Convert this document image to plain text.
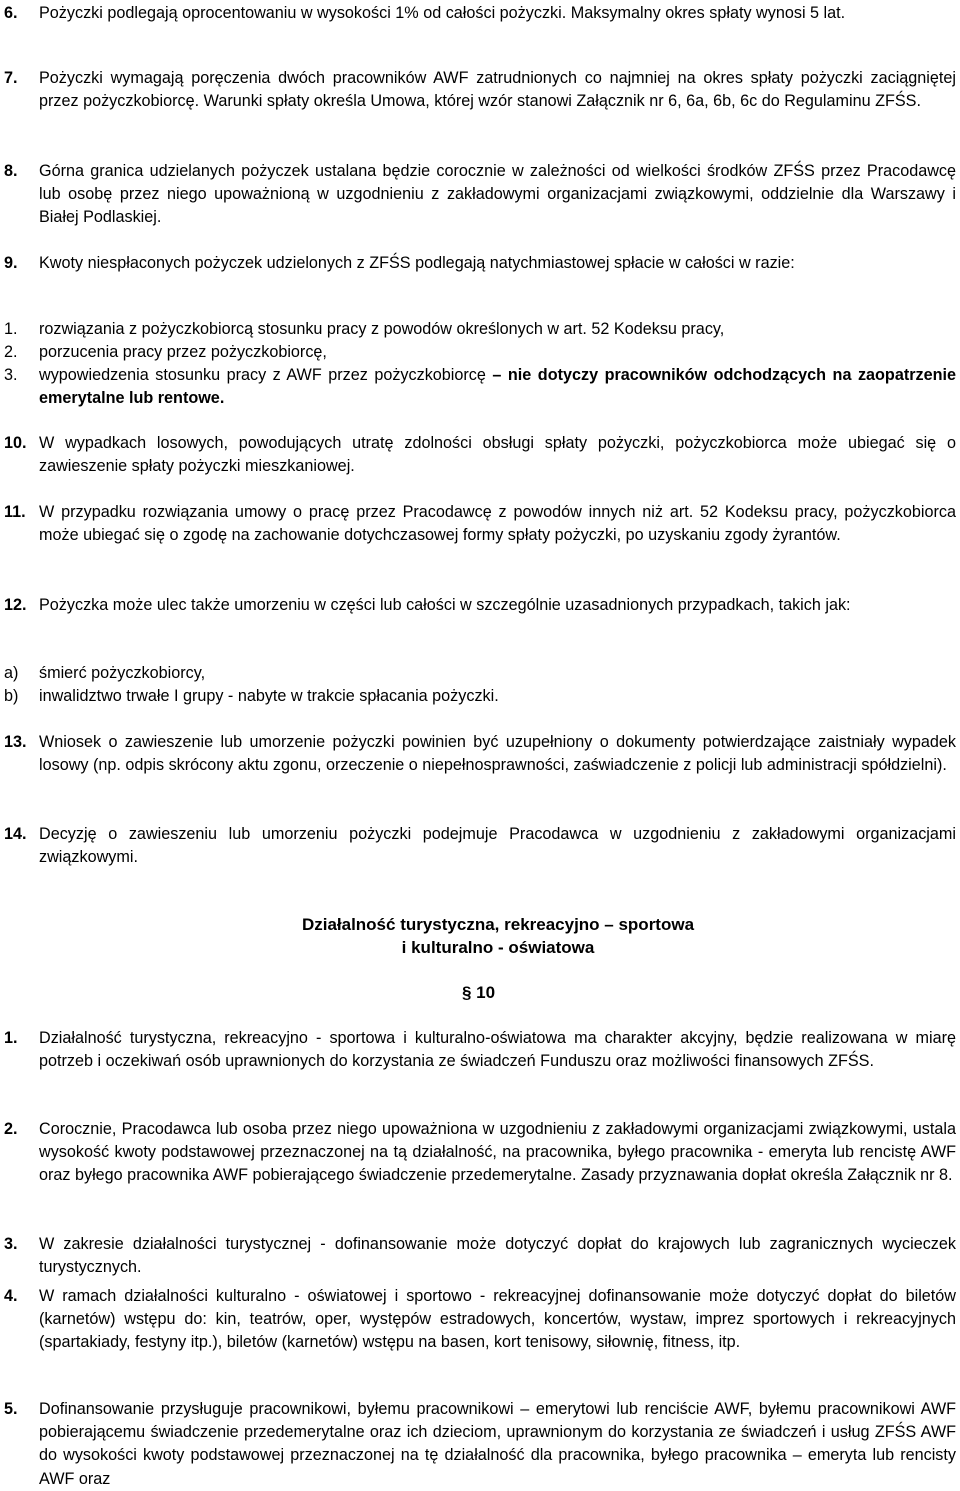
6. Pożyczki podlegają oprocentowaniu w wysokości 1% od całości pożyczki. Maksymalny okres spłaty wynosi 5 lat.
7. Pożyczki wymagają poręczenia dwóch pracowników AWF zatrudnionych co najmniej na okres spłaty pożyczki zaciągniętej przez pożyczkobiorcę. Warunki spłaty określa Umowa, której wzór stanowi Załącznik nr 6, 6a, 6b, 6c do Regulaminu ZFŚS.
8. Górna granica udzielanych pożyczek ustalana będzie corocznie w zależności od wielkości środków ZFŚS przez Pracodawcę lub osobę przez niego upoważnioną w uzgodnieniu z zakładowymi organizacjami związkowymi, oddzielnie dla Warszawy i Białej Podlaskiej.
9. Kwoty niespłaconych pożyczek udzielonych z ZFŚS podlegają natychmiastowej spłacie w całości w razie:
1. rozwiązania z pożyczkobiorcą stosunku pracy z powodów określonych w art. 52 Kodeksu pracy,
2. porzucenia pracy przez pożyczkobiorcę,
3. wypowiedzenia stosunku pracy z AWF przez pożyczkobiorcę – nie dotyczy pracowników odchodzących na zaopatrzenie emerytalne lub rentowe.
10. W wypadkach losowych, powodujących utratę zdolności obsługi spłaty pożyczki, pożyczkobiorca może ubiegać się o zawieszenie spłaty pożyczki mieszkaniowej.
11. W przypadku rozwiązania umowy o pracę przez Pracodawcę z powodów innych niż art. 52 Kodeksu pracy, pożyczkobiorca może ubiegać się o zgodę na zachowanie dotychczasowej formy spłaty pożyczki, po uzyskaniu zgody żyrantów.
12. Pożyczka może ulec także umorzeniu w części lub całości w szczególnie uzasadnionych przypadkach, takich jak:
a) śmierć pożyczkobiorcy,
b) inwalidztwo trwałe I grupy - nabyte w trakcie spłacania pożyczki.
13. Wniosek o zawieszenie lub umorzenie pożyczki powinien być uzupełniony o dokumenty potwierdzające zaistniały wypadek losowy (np. odpis skrócony aktu zgonu, orzeczenie o niepełnosprawności, zaświadczenie z policji lub administracji spółdzielni).
14. Decyzję o zawieszeniu lub umorzeniu pożyczki podejmuje Pracodawca w uzgodnieniu z zakładowymi organizacjami związkowymi.
Działalność turystyczna, rekreacyjno – sportowa
i kulturalno - oświatowa
§ 10
1. Działalność turystyczna, rekreacyjno - sportowa i kulturalno-oświatowa ma charakter akcyjny, będzie realizowana w miarę potrzeb i oczekiwań osób uprawnionych do korzystania ze świadczeń Funduszu oraz możliwości finansowych ZFŚS.
2. Corocznie, Pracodawca lub osoba przez niego upoważniona w uzgodnieniu z zakładowymi organizacjami związkowymi, ustala wysokość kwoty podstawowej przeznaczonej na tą działalność, na pracownika, byłego pracownika - emeryta lub rencistę AWF oraz byłego pracownika AWF pobierającego świadczenie przedemerytalne. Zasady przyznawania dopłat określa Załącznik nr 8.
3. W zakresie działalności turystycznej - dofinansowanie może dotyczyć dopłat do krajowych lub zagranicznych wycieczek turystycznych.
4. W ramach działalności kulturalno - oświatowej i sportowo - rekreacyjnej dofinansowanie może dotyczyć dopłat do biletów (karnetów) wstępu do: kin, teatrów, oper, występów estradowych, koncertów, wystaw, imprez sportowych i rekreacyjnych (spartakiady, festyny itp.), biletów (karnetów) wstępu na basen, kort tenisowy, siłownię, fitness, itp.
5. Dofinansowanie przysługuje pracownikowi, byłemu pracownikowi – emerytowi lub renciście AWF, byłemu pracownikowi AWF pobierającemu świadczenie przedemerytalne oraz ich dzieciom, uprawnionym do korzystania ze świadczeń i usług ZFŚS AWF do wysokości kwoty podstawowej przeznaczonej na tę działalność dla pracownika, byłego pracownika – emeryta lub rencisty AWF oraz
